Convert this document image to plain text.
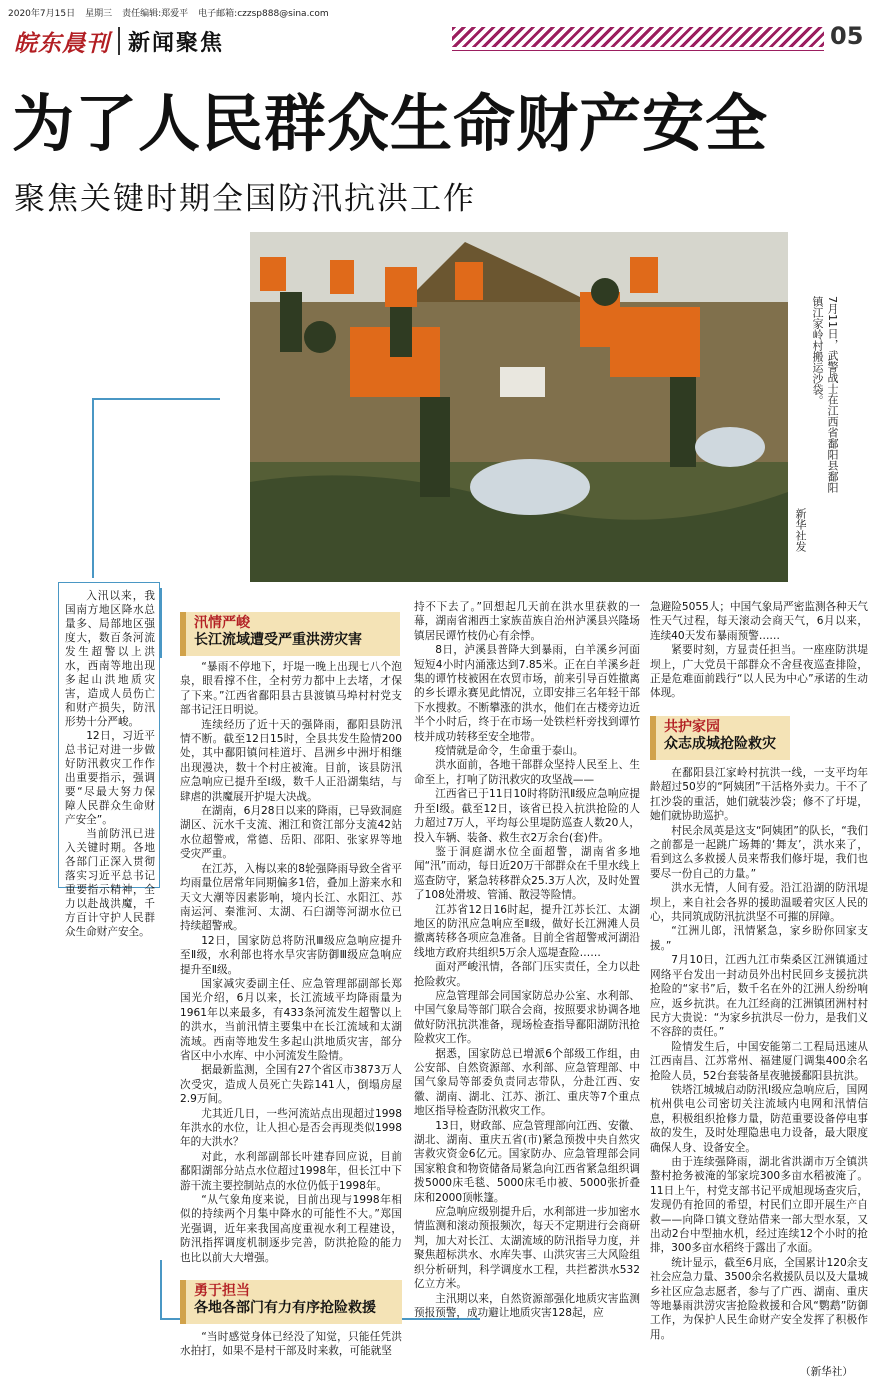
2020年7月15日 星期三 责任编辑:郑爱平 电子邮箱:czzsp888@sina.com
皖东晨刊 新闻聚焦	05
为了人民群众生命财产安全
聚焦关键时期全国防汛抗洪工作
7月11日，武警战士在江西省鄱阳县鄱阳镇江家岭村搬运沙袋。
新华社发

入汛以来，我国南方地区降水总量多、局部地区强度大，数百条河流发生超警以上洪水，西南等地出现多起山洪地质灾害，造成人员伤亡和财产损失，防汛形势十分严峻。

12日，习近平总书记对进一步做好防汛救灾工作作出重要指示，强调要“尽最大努力保障人民群众生命财产安全”。

当前防汛已进入关键时期。各地各部门正深入贯彻落实习近平总书记重要指示精神，全力以赴战洪魔，千方百计守护人民群众生命财产安全。

汛情严峻
长江流域遭受严重洪涝灾害

“暴雨不停地下，圩堤一晚上出现七八个泡泉，眼看撑不住，全村劳力都中上去堵，才保了下来。”江西省鄱阳县古县渡镇马埠村村党支部书记汪日明说。

连续经历了近十天的强降雨，鄱阳县防汛情不断。截至12日15时，全县共发生险情200处，其中鄱阳镇问桂道圩、昌洲乡中洲圩相继出现漫决，数十个村庄被淹。目前，该县防汛应急响应已提升至Ⅰ级，数千人正沿湖集结，与肆虐的洪魔展开护堤大决战。

在湖南，6月28日以来的降雨，已导致洞庭湖区、沅水千支流、湘江和资江部分支流42站水位超警戒，常德、岳阳、邵阳、张家界等地受灾严重。

在江苏，入梅以来的8轮强降雨导致全省平均雨量位居常年同期偏多1倍，叠加上游来水和天文大潮等因素影响，境内长江、水阳江、苏南运河、秦淮河、太湖、石臼湖等河湖水位已持续超警戒。

12日，国家防总将防汛Ⅲ级应急响应提升至Ⅱ级，水利部也将水旱灾害防御Ⅲ级应急响应提升至Ⅱ级。

国家减灾委副主任、应急管理部副部长郑国光介绍，6月以来，长江流域平均降雨量为1961年以来最多，有433条河流发生超警以上的洪水，当前汛情主要集中在长江流域和太湖流域。西南等地发生多起山洪地质灾害，部分省区中小水库、中小河流发生险情。

据最新监测，全国有27个省区市3873万人次受灾，造成人员死亡失踪141人，倒塌房屋2.9万间。

尤其近几日，一些河流站点出现超过1998年洪水的水位，让人担心是否会再现类似1998年的大洪水？

对此，水利部副部长叶建春回应说，目前鄱阳湖部分站点水位超过1998年，但长江中下游干流主要控制站点的水位仍低于1998年。

“从气象角度来说，目前出现与1998年相似的持续两个月集中降水的可能性不大。”郑国光强调，近年来我国高度重视水利工程建设，防汛指挥调度机制逐步完善，防洪抢险的能力也比以前大大增强。

勇于担当
各地各部门有力有序抢险救援

“当时感觉身体已经没了知觉，只能任凭洪水拍打，如果不是村干部及时来救，可能就坚

持不下去了。”回想起几天前在洪水里获救的一幕，湖南省湘西土家族苗族自治州泸溪县兴隆场镇居民谭竹枝仍心有余悸。

8日，泸溪县普降大到暴雨，白羊溪乡河面短短4小时内涌涨达到7.85米。正在白羊溪乡赶集的谭竹枝被困在农贸市场，前来引导百姓撤离的乡长谭永赛见此情况，立即安排三名年轻干部下水搜救。不断攀涨的洪水，他们在古楼旁边近半个小时后，终于在市场一处铁栏杆旁找到谭竹枝并成功转移至安全地带。

疫情就是命令，生命重于泰山。

洪水面前，各地干部群众坚持人民至上、生命至上，打响了防汛救灾的攻坚战——

江西省已于11日10时将防汛Ⅱ级应急响应提升至Ⅰ级。截至12日，该省已投入抗洪抢险的人力超过7万人，平均每公里堤防巡查人数20人，投入车辆、装备、救生衣2万余台(套)件。

鉴于洞庭湖水位全面超警，湖南省多地闻“汛”而动，每日近20万干部群众在千里水线上巡查防守，紧急转移群众25.3万人次，及时处置了108处滑坡、管涌、散浸等险情。

江苏省12日16时起，提升江苏长江、太湖地区的防汛应急响应至Ⅱ级，做好长江洲滩人员撤离转移各项应急准备。目前全省超警戒河湖沿线地方政府共组织5万余人巡堤查险……

面对严峻汛情，各部门压实责任，全力以赴抢险救灾。

应急管理部会同国家防总办公室、水利部、中国气象局等部门联合会商，按照要求协调各地做好防汛抗洪准备，现场检查指导鄱阳湖防汛抢险救灾工作。

据悉，国家防总已增派6个部级工作组，由公安部、自然资源部、水利部、应急管理部、中国气象局等部委负责同志带队，分赴江西、安徽、湖南、湖北、江苏、浙江、重庆等7个重点地区指导检查防汛救灾工作。

13日，财政部、应急管理部向江西、安徽、湖北、湖南、重庆五省(市)紧急预拨中央自然灾害救灾资金6亿元。国家防办、应急管理部会同国家粮食和物资储备局紧急向江西省紧急组织调拨5000床毛毯、5000床毛巾被、5000张折叠床和2000顶帐篷。

应急响应级别提升后，水利部进一步加密水情监测和滚动预报频次，每天不定期进行会商研判，加大对长江、太湖流域的防汛指导力度，并聚焦超标洪水、水库失事、山洪灾害三大风险组织分析研判，科学调度水工程，共拦蓄洪水532亿立方米。

主汛期以来，自然资源部强化地质灾害监测预报预警，成功避让地质灾害128起，应

急避险5055人；中国气象局严密监测各种天气性天气过程，每天滚动会商天气，6月以来，连续40天发布暴雨预警……

紧要时刻，方显责任担当。一座座防洪堤坝上，广大党员干部群众不舍昼夜巡查排险，正是危难面前践行“以人民为中心”承诺的生动体现。

共护家园
众志成城抢险救灾

在鄱阳县江家岭村抗洪一线，一支平均年龄超过50岁的“阿姨团”干活格外卖力。干不了扛沙袋的重活，她们就装沙袋；修不了圩堤，她们就协助巡护。

村民余凤英是这支“阿姨团”的队长，“我们之前都是一起跳广场舞的‘舞友’，洪水来了，看到这么多救援人员来帮我们修圩堤，我们也要尽一份自己的力量。”

洪水无情，人间有爱。沿江沿湖的防汛堤坝上，来自社会各界的援助温暖着灾区人民的心，共同筑成防汛抗洪坚不可摧的屏障。

“江洲儿郎，汛情紧急，家乡盼你回家支援。”

7月10日，江西九江市柴桑区江洲镇通过网络平台发出一封动员外出村民回乡支援抗洪抢险的“家书”后，数千名在外的江洲人纷纷响应，返乡抗洪。在九江经商的江洲镇团洲村村民方大贵说：“为家乡抗洪尽一份力，是我们义不容辞的责任。”

险情发生后，中国安能第二工程局迅速从江西南昌、江苏常州、福建厦门调集400余名抢险人员，52台套装备星夜驰援鄱阳县抗洪。

铁塔江城城启动防汛Ⅰ级应急响应后，国网杭州供电公司密切关注流域内电网和汛情信息，积极组织抢修力量，防范重要设备停电事故的发生，及时处理隐患电力设备，最大限度确保人身、设备安全。

由于连续强降雨，湖北省洪湖市万全镇洪螯村抢务被淹的邹家垸300多亩水稻被淹了。11日上午，村党支部书记平成旭现场查灾后，发现仍有抢回的希望，村民们立即开展生产自救——向降口镇文登站借来一部大型水泵，又出动2台中型抽水机，经过连续12个小时的抢排，300多亩水稻终于露出了水面。

统计显示，截至6月底，全国累计120余支社会应急力量、3500余名救援队员以及大量城乡社区应急志愿者，参与了广西、湖南、重庆等地暴雨洪涝灾害抢险救援和合风“鹦鹉”防御工作，为保护人民生命财产安全发挥了积极作用。

（新华社）
